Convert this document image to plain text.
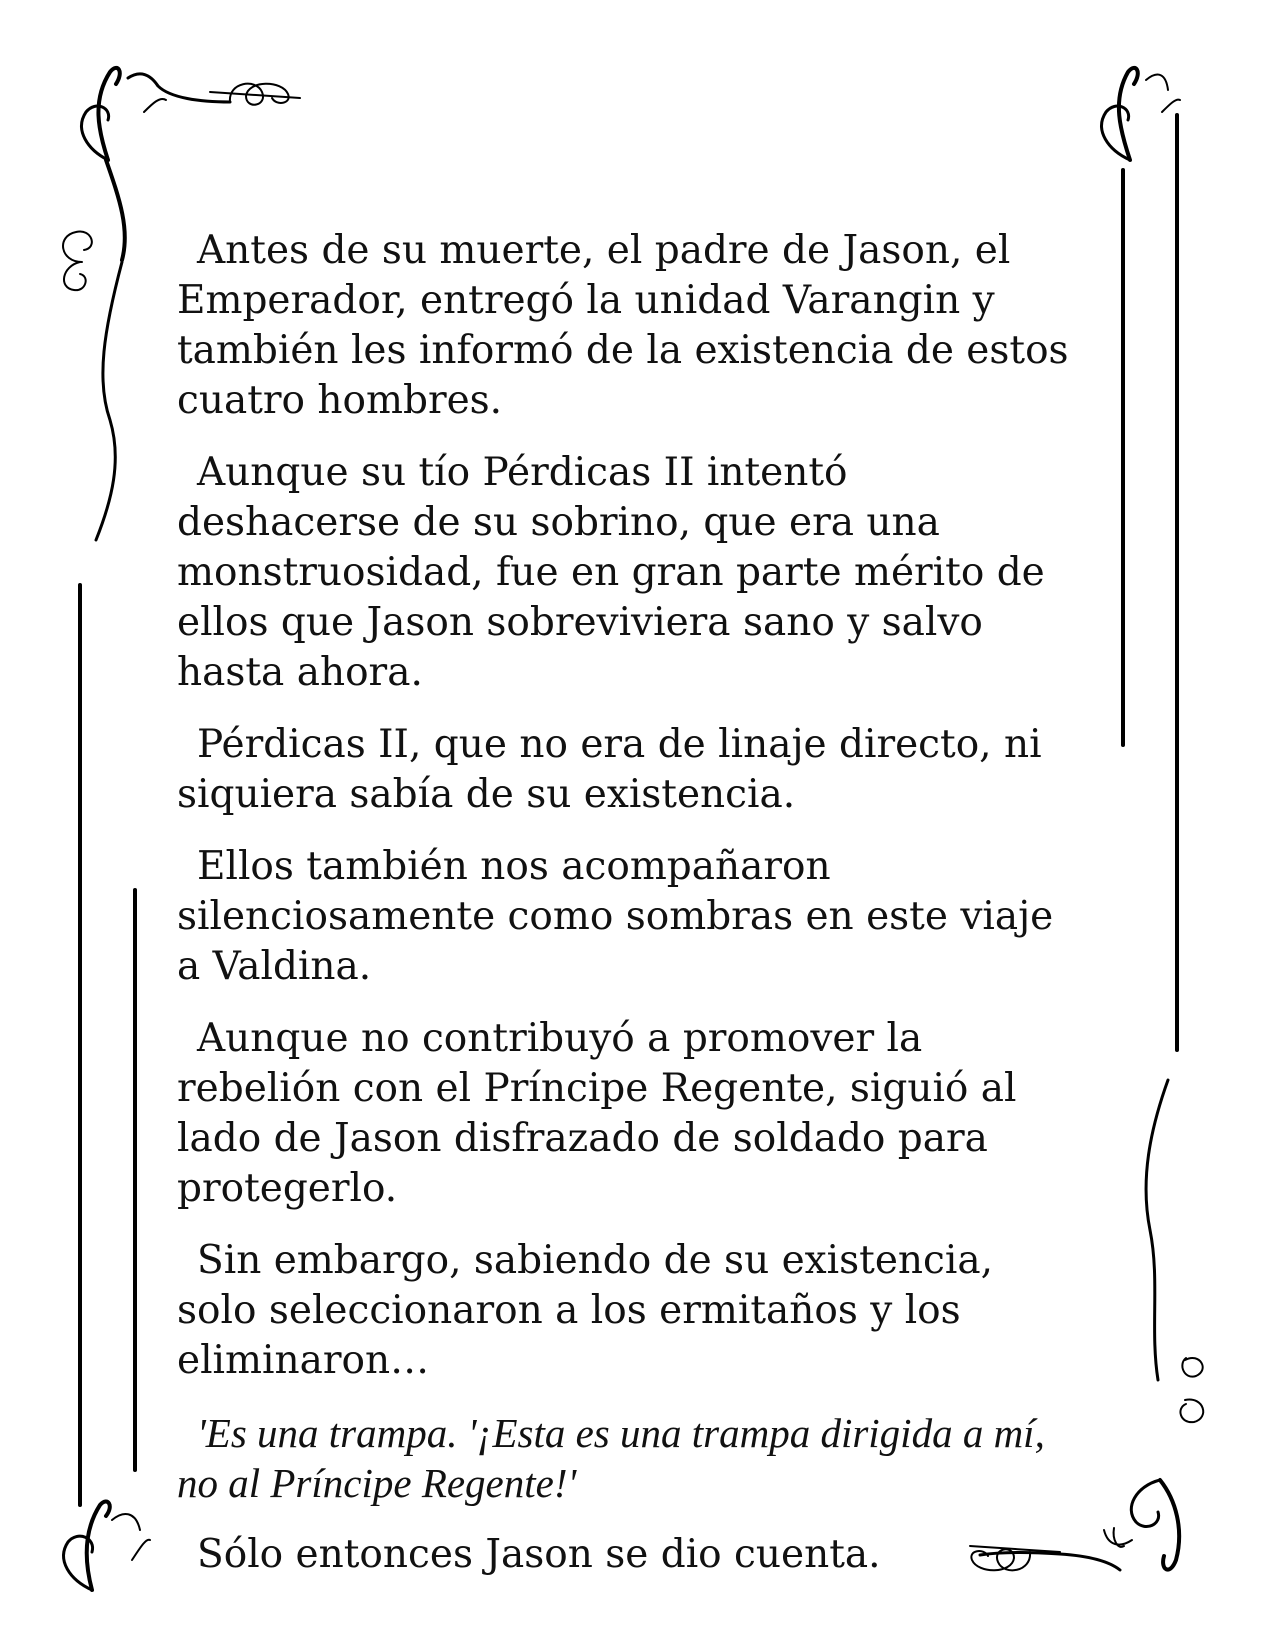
Antes de su muerte, el padre de Jason, el Emperador, entregó la unidad Varangin y también les informó de la existencia de estos cuatro hombres.

Aunque su tío Pérdicas II intentó deshacerse de su sobrino, que era una monstruosidad, fue en gran parte mérito de ellos que Jason sobreviviera sano y salvo hasta ahora.

Pérdicas II, que no era de linaje directo, ni siquiera sabía de su existencia.

Ellos también nos acompañaron silenciosamente como sombras en este viaje a Valdina.

Aunque no contribuyó a promover la rebelión con el Príncipe Regente, siguió al lado de Jason disfrazado de soldado para protegerlo.

Sin embargo, sabiendo de su existencia, solo seleccionaron a los ermitaños y los eliminaron…

'Es una trampa. '¡Esta es una trampa dirigida a mí, no al Príncipe Regente!'

Sólo entonces Jason se dio cuenta.
